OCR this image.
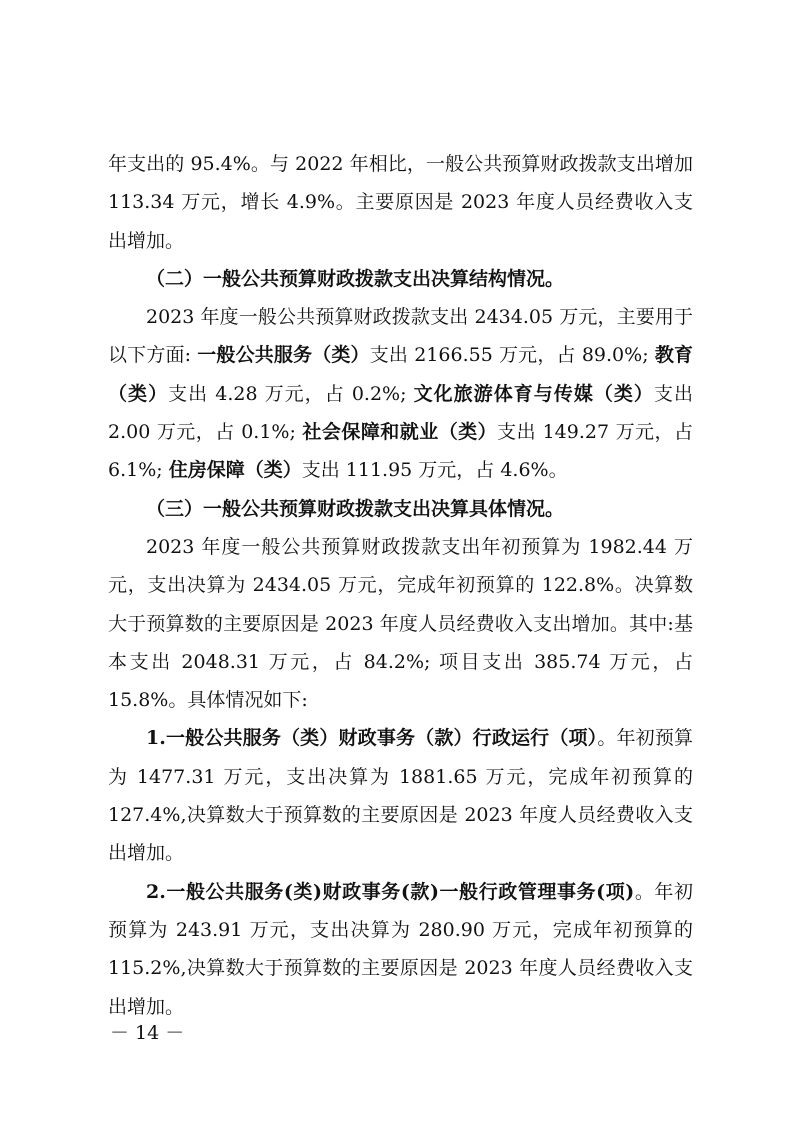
年支出的 95.4%。与 2022 年相比，一般公共预算财政拨款支出增加 113.34 万元，增长 4.9%。主要原因是 2023 年度人员经费收入支出增加。

（二）一般公共预算财政拨款支出决算结构情况。

2023 年度一般公共预算财政拨款支出 2434.05 万元，主要用于以下方面: 一般公共服务（类）支出 2166.55 万元，占 89.0%; 教育（类）支出 4.28 万元，占 0.2%; 文化旅游体育与传媒（类）支出 2.00 万元，占 0.1%; 社会保障和就业（类）支出 149.27 万元，占 6.1%; 住房保障（类）支出 111.95 万元，占 4.6%。

（三）一般公共预算财政拨款支出决算具体情况。

2023 年度一般公共预算财政拨款支出年初预算为 1982.44 万元，支出决算为 2434.05 万元，完成年初预算的 122.8%。决算数大于预算数的主要原因是 2023 年度人员经费收入支出增加。其中:基本支出 2048.31 万元，占 84.2%; 项目支出 385.74 万元，占 15.8%。具体情况如下:

1.一般公共服务（类）财政事务（款）行政运行（项）。年初预算为 1477.31 万元，支出决算为 1881.65 万元，完成年初预算的 127.4%,决算数大于预算数的主要原因是 2023 年度人员经费收入支出增加。

2.一般公共服务(类)财政事务(款)一般行政管理事务(项)。年初预算为 243.91 万元，支出决算为 280.90 万元，完成年初预算的 115.2%,决算数大于预算数的主要原因是 2023 年度人员经费收入支出增加。

－ 14 －
